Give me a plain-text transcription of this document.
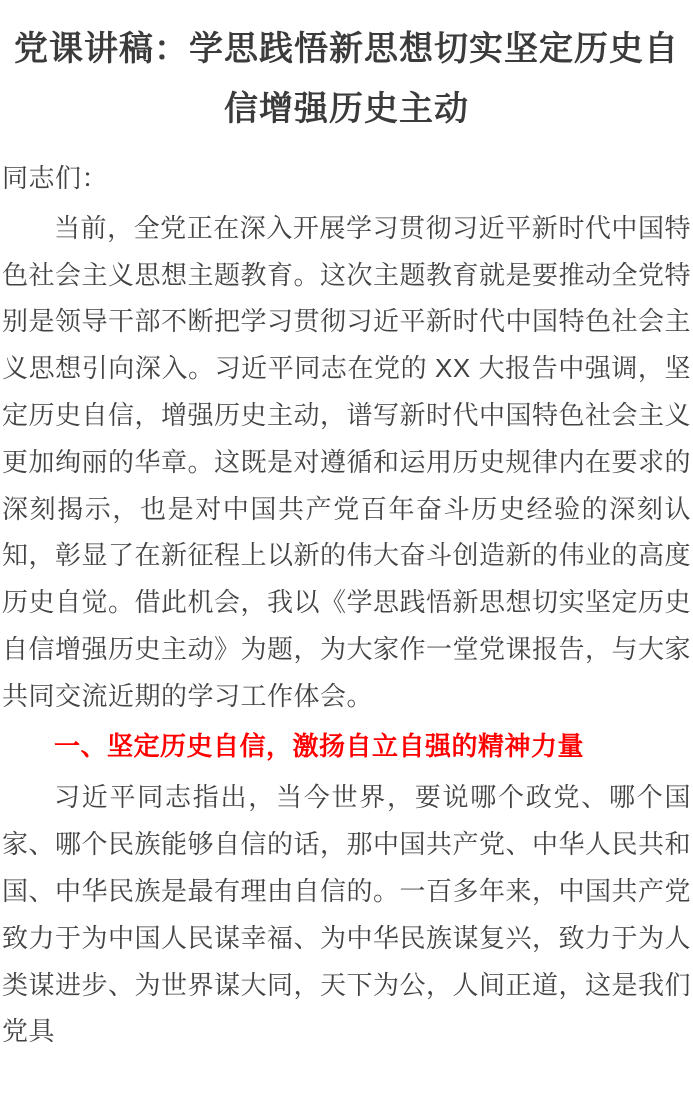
党课讲稿：学思践悟新思想切实坚定历史自信增强历史主动

同志们：

当前，全党正在深入开展学习贯彻习近平新时代中国特色社会主义思想主题教育。这次主题教育就是要推动全党特别是领导干部不断把学习贯彻习近平新时代中国特色社会主义思想引向深入。习近平同志在党的 XX 大报告中强调，坚定历史自信，增强历史主动，谱写新时代中国特色社会主义更加绚丽的华章。这既是对遵循和运用历史规律内在要求的深刻揭示，也是对中国共产党百年奋斗历史经验的深刻认知，彰显了在新征程上以新的伟大奋斗创造新的伟业的高度历史自觉。借此机会，我以《学思践悟新思想切实坚定历史自信增强历史主动》为题，为大家作一堂党课报告，与大家共同交流近期的学习工作体会。

一、坚定历史自信，激扬自立自强的精神力量

习近平同志指出，当今世界，要说哪个政党、哪个国家、哪个民族能够自信的话，那中国共产党、中华人民共和国、中华民族是最有理由自信的。一百多年来，中国共产党致力于为中国人民谋幸福、为中华民族谋复兴，致力于为人类谋进步、为世界谋大同，天下为公，人间正道，这是我们党具
